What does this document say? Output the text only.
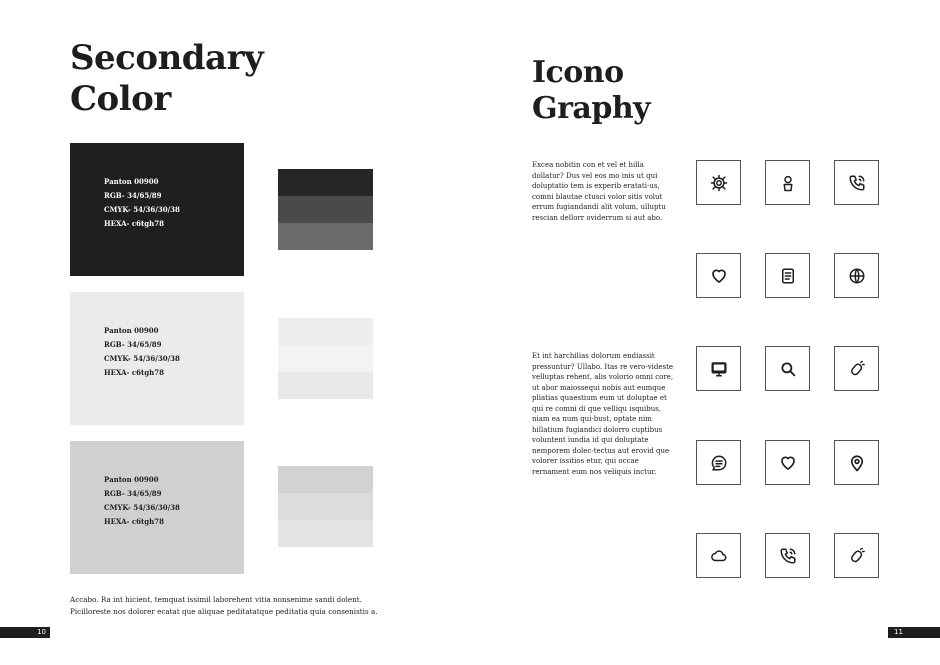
Secondary
Color
Panton 00900
RGB- 34/65/89
CMYK- 54/36/30/38
HEXA- c6tgh78
Panton 00900
RGB- 34/65/89
CMYK- 54/36/30/38
HEXA- c6tgh78
Panton 00900
RGB- 34/65/89
CMYK- 54/36/30/38
HEXA- c6tgh78
Accabo. Ra int hicient, temquat issimil laborehent vitia nonsenime sandi dolent.
Picilloreste nos dolorer ecatat que aliquae peditatatque peditatia quia consenistis a.
Icono
Graphy

Excea nobitin con et vel et hilla dollatur? Dus vel eos mo inis ut qui doluptatio tem is experib eratati-us, comni blautae ctusci volor sitis volut errum fugiandandi alit volum, ulluptu rescian dellorr oviderrum si aut abo.

Et int harchilias dolorum endiassit pressuntur? Ullabo. Itas re vero-videste velluptas rehent, alis volorio omni core, ut abor maiossequi nobis aut eumque pliatias quaestium eum ut doluptae et qui re comni di que velliqu isquibus, niam ea num qui-bust, optate nim hillatium fugiandici dolorro cuptibus voluntent iundia id qui doluptate nemporem dolec-tectus aut erovid que volorer issitios etur, qui occae rernament eum nos veliquis inctur.

10	11
